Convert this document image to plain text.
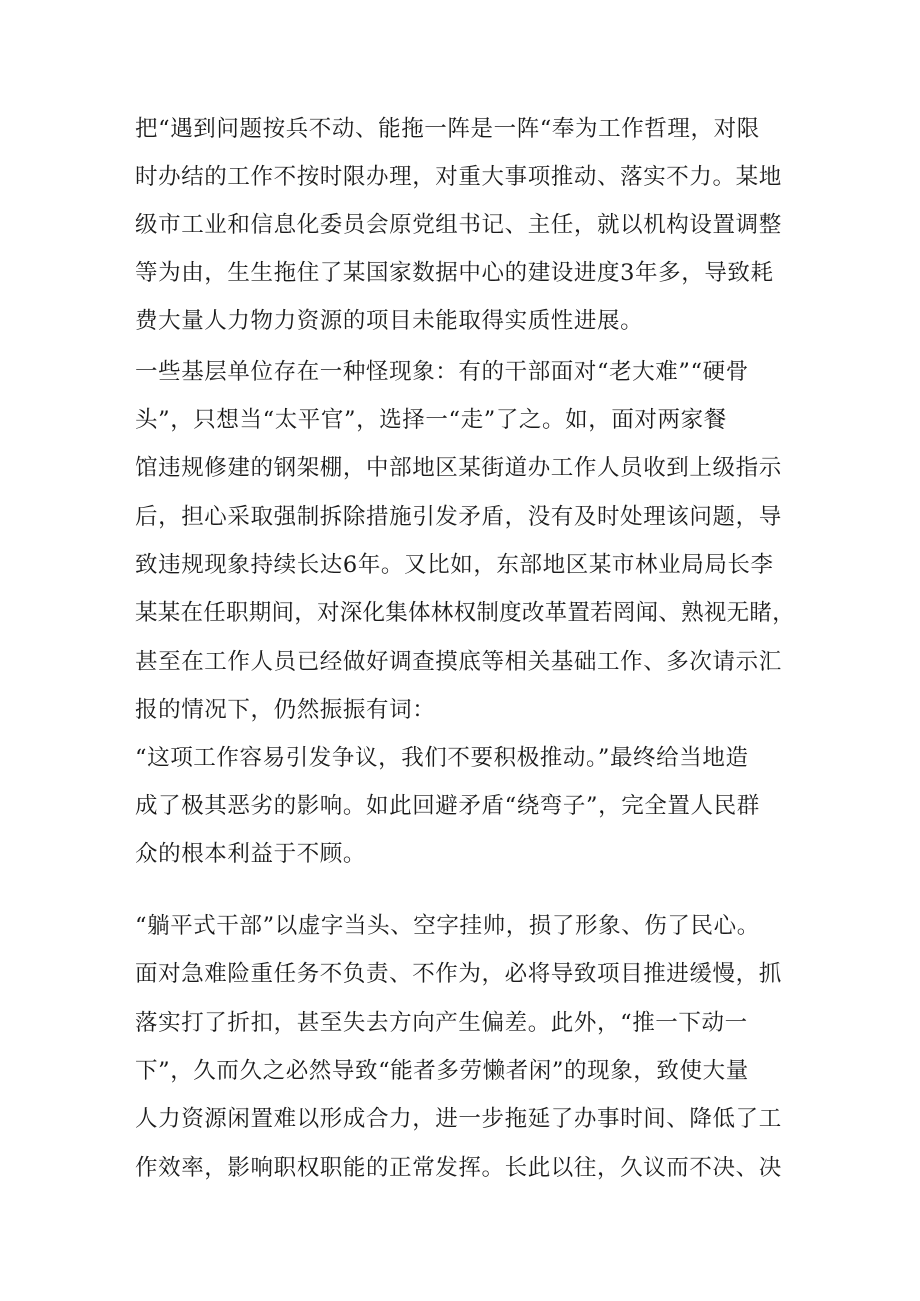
把“遇到问题按兵不动、能拖一阵是一阵“奉为工作哲理，对限
时办结的工作不按时限办理，对重大事项推动、落实不力。某地
级市工业和信息化委员会原党组书记、主任，就以机构设置调整
等为由，生生拖住了某国家数据中心的建设进度3年多，导致耗
费大量人力物力资源的项目未能取得实质性进展。
一些基层单位存在一种怪现象：有的干部面对“老大难”“硬骨
头”，只想当“太平官”，选择一“走”了之。如，面对两家餐
馆违规修建的钢架棚，中部地区某街道办工作人员收到上级指示
后，担心采取强制拆除措施引发矛盾，没有及时处理该问题，导
致违规现象持续长达6年。又比如，东部地区某市林业局局长李
某某在任职期间，对深化集体林权制度改革置若罔闻、熟视无睹，
甚至在工作人员已经做好调查摸底等相关基础工作、多次请示汇
报的情况下，仍然振振有词：
“这项工作容易引发争议，我们不要积极推动。”最终给当地造
成了极其恶劣的影响。如此回避矛盾“绕弯子”，完全置人民群
众的根本利益于不顾。
“躺平式干部”以虚字当头、空字挂帅，损了形象、伤了民心。
面对急难险重任务不负责、不作为，必将导致项目推进缓慢，抓
落实打了折扣，甚至失去方向产生偏差。此外，“推一下动一
下”，久而久之必然导致“能者多劳懒者闲”的现象，致使大量
人力资源闲置难以形成合力，进一步拖延了办事时间、降低了工
作效率，影响职权职能的正常发挥。长此以往，久议而不决、决
